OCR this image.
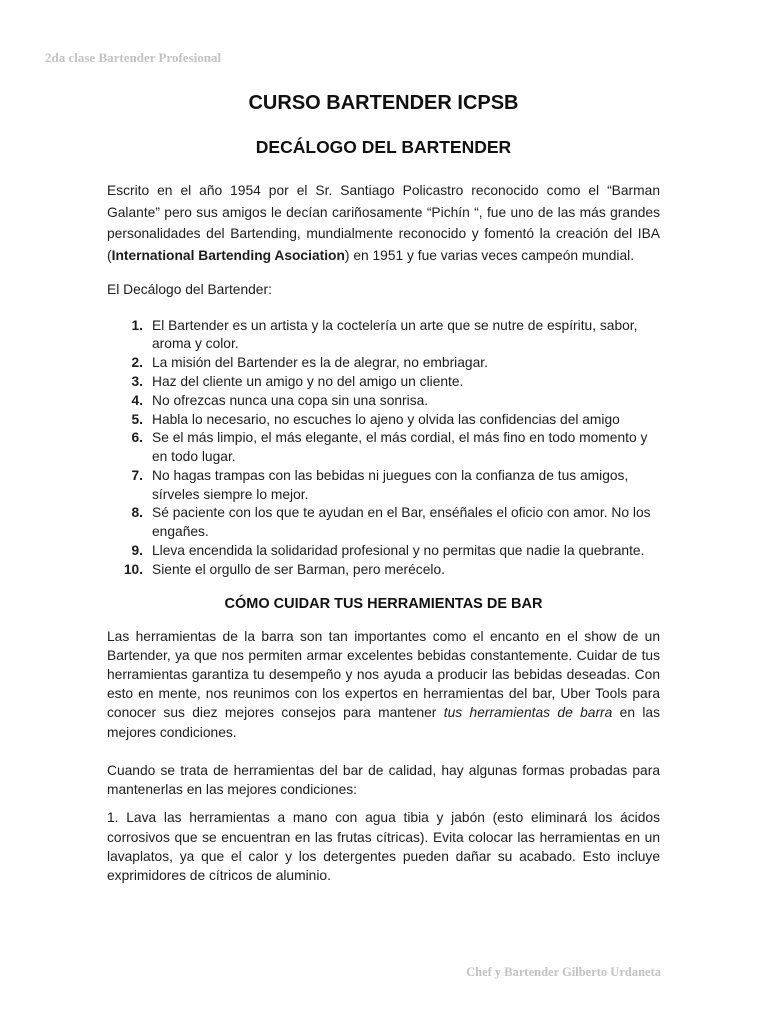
2da clase Bartender Profesional

CURSO BARTENDER ICPSB
DECÁLOGO DEL BARTENDER

Escrito en el año 1954 por el Sr. Santiago Policastro reconocido como el “Barman Galante” pero sus amigos le decían cariñosamente “Pichín “, fue uno de las más grandes personalidades del Bartending, mundialmente reconocido y fomentó la creación del IBA (International Bartending Asociation) en 1951 y fue varias veces campeón mundial.

El Decálogo del Bartender:

1. El Bartender es un artista y la coctelería un arte que se nutre de espíritu, sabor, aroma y color.
2. La misión del Bartender es la de alegrar, no embriagar.
3. Haz del cliente un amigo y no del amigo un cliente.
4. No ofrezcas nunca una copa sin una sonrisa.
5. Habla lo necesario, no escuches lo ajeno y olvida las confidencias del amigo
6. Se el más limpio, el más elegante, el más cordial, el más fino en todo momento y en todo lugar.
7. No hagas trampas con las bebidas ni juegues con la confianza de tus amigos, sírveles siempre lo mejor.
8. Sé paciente con los que te ayudan en el Bar, enséñales el oficio con amor. No los engañes.
9. Lleva encendida la solidaridad profesional y no permitas que nadie la quebrante.
10. Siente el orgullo de ser Barman, pero merécelo.
CÓMO CUIDAR TUS HERRAMIENTAS DE BAR

Las herramientas de la barra son tan importantes como el encanto en el show de un Bartender, ya que nos permiten armar excelentes bebidas constantemente. Cuidar de tus herramientas garantiza tu desempeño y nos ayuda a producir las bebidas deseadas. Con esto en mente, nos reunimos con los expertos en herramientas del bar, Uber Tools para conocer sus diez mejores consejos para mantener tus herramientas de barra en las mejores condiciones.

Cuando se trata de herramientas del bar de calidad, hay algunas formas probadas para mantenerlas en las mejores condiciones:

1. Lava las herramientas a mano con agua tibia y jabón (esto eliminará los ácidos corrosivos que se encuentran en las frutas cítricas). Evita colocar las herramientas en un lavaplatos, ya que el calor y los detergentes pueden dañar su acabado. Esto incluye exprimidores de cítricos de aluminio.

Chef y Bartender Gilberto Urdaneta
